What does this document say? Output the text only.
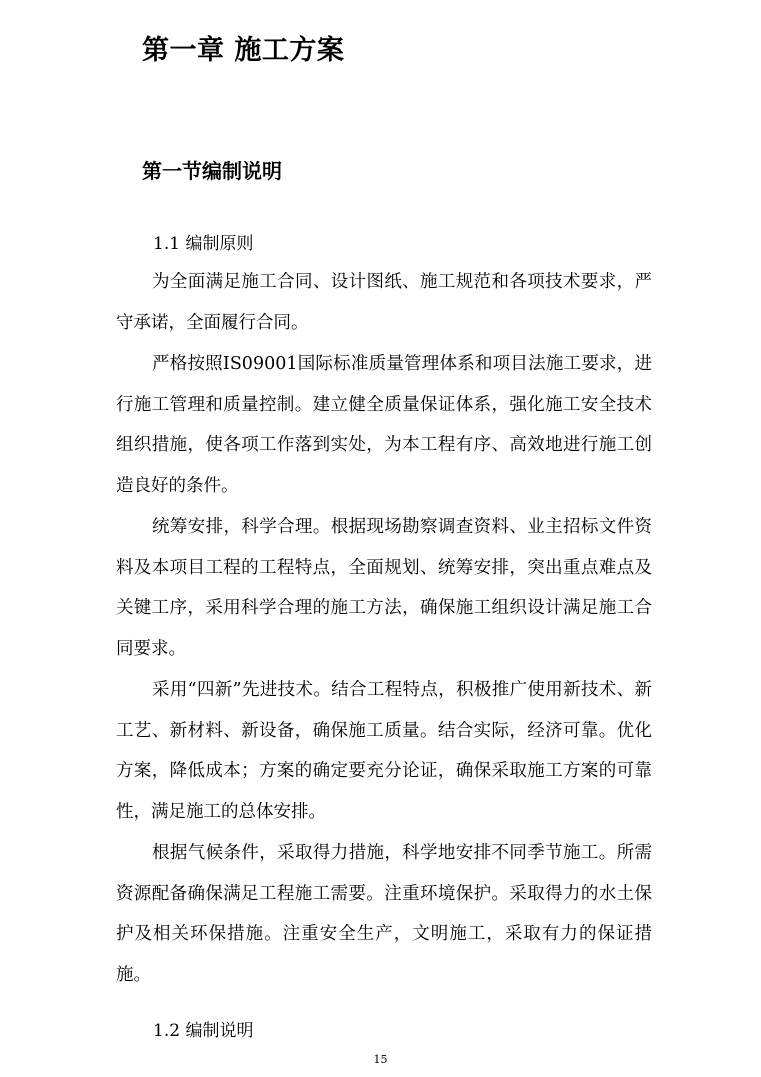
第一章 施工方案
第一节编制说明

1.1 编制原则

为全面满足施工合同、设计图纸、施工规范和各项技术要求，严守承诺，全面履行合同。

严格按照IS09001国际标准质量管理体系和项目法施工要求，进行施工管理和质量控制。建立健全质量保证体系，强化施工安全技术组织措施，使各项工作落到实处，为本工程有序、高效地进行施工创造良好的条件。

统筹安排，科学合理。根据现场勘察调查资料、业主招标文件资料及本项目工程的工程特点，全面规划、统筹安排，突出重点难点及关键工序，采用科学合理的施工方法，确保施工组织设计满足施工合同要求。

采用“四新”先进技术。结合工程特点，积极推广使用新技术、新工艺、新材料、新设备，确保施工质量。结合实际，经济可靠。优化方案，降低成本；方案的确定要充分论证，确保采取施工方案的可靠性，满足施工的总体安排。

根据气候条件，采取得力措施，科学地安排不同季节施工。所需资源配备确保满足工程施工需要。注重环境保护。采取得力的水土保护及相关环保措施。注重安全生产，文明施工，采取有力的保证措施。

1.2 编制说明

15
